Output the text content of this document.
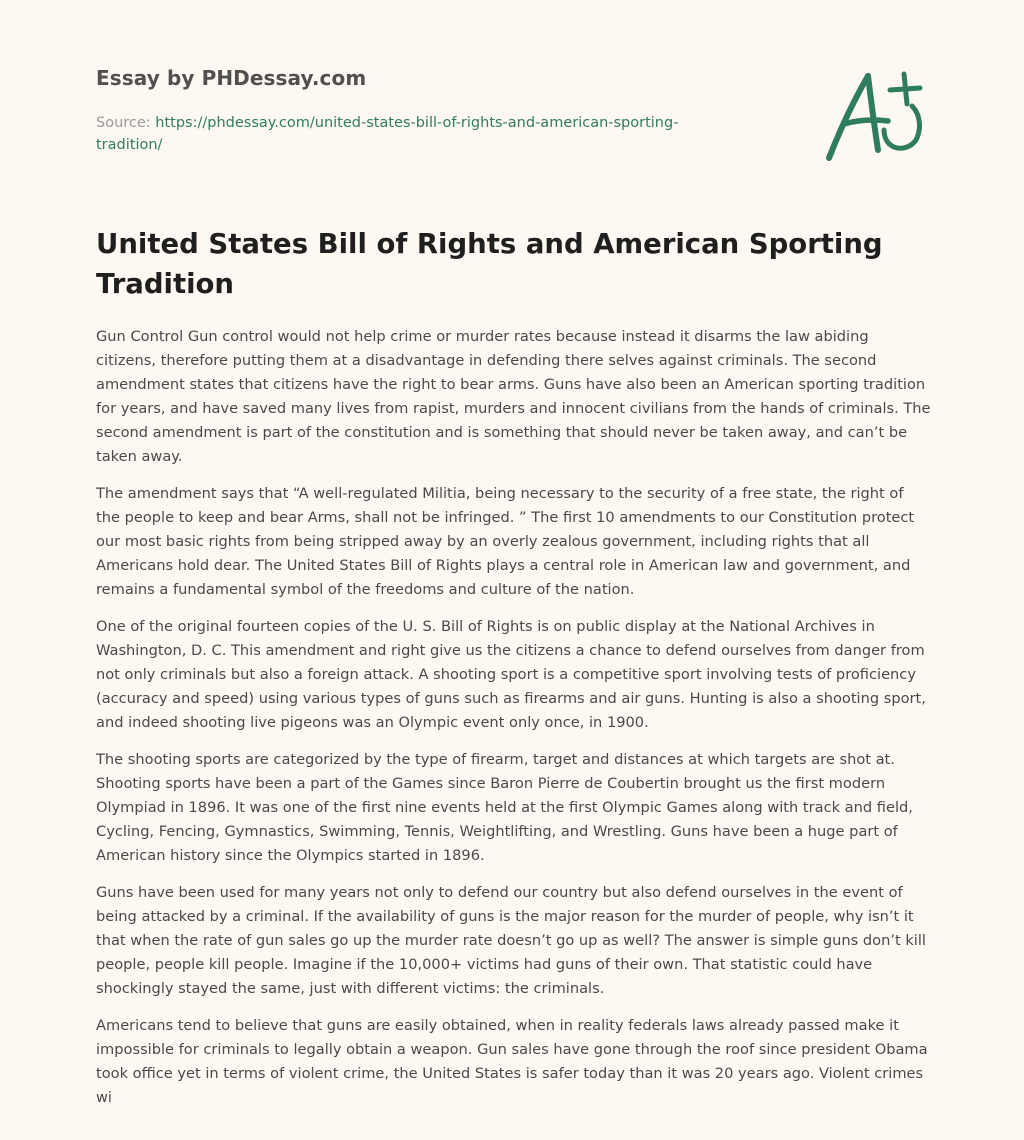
Essay by PHDessay.com
Source: https://phdessay.com/united-states-bill-of-rights-and-american-sporting-tradition/
United States Bill of Rights and American Sporting Tradition

Gun Control Gun control would not help crime or murder rates because instead it disarms the law abiding citizens, therefore putting them at a disadvantage in defending there selves against criminals. The second amendment states that citizens have the right to bear arms. Guns have also been an American sporting tradition for years, and have saved many lives from rapist, murders and innocent civilians from the hands of criminals. The second amendment is part of the constitution and is something that should never be taken away, and can’t be taken away.

The amendment says that “A well-regulated Militia, being necessary to the security of a free state, the right of the people to keep and bear Arms, shall not be infringed. ” The first 10 amendments to our Constitution protect our most basic rights from being stripped away by an overly zealous government, including rights that all Americans hold dear. The United States Bill of Rights plays a central role in American law and government, and remains a fundamental symbol of the freedoms and culture of the nation.

One of the original fourteen copies of the U. S. Bill of Rights is on public display at the National Archives in Washington, D. C. This amendment and right give us the citizens a chance to defend ourselves from danger from not only criminals but also a foreign attack. A shooting sport is a competitive sport involving tests of proficiency (accuracy and speed) using various types of guns such as firearms and air guns. Hunting is also a shooting sport, and indeed shooting live pigeons was an Olympic event only once, in 1900.

The shooting sports are categorized by the type of firearm, target and distances at which targets are shot at. Shooting sports have been a part of the Games since Baron Pierre de Coubertin brought us the first modern Olympiad in 1896. It was one of the first nine events held at the first Olympic Games along with track and field, Cycling, Fencing, Gymnastics, Swimming, Tennis, Weightlifting, and Wrestling. Guns have been a huge part of American history since the Olympics started in 1896.

Guns have been used for many years not only to defend our country but also defend ourselves in the event of being attacked by a criminal. If the availability of guns is the major reason for the murder of people, why isn’t it that when the rate of gun sales go up the murder rate doesn’t go up as well? The answer is simple guns don’t kill people, people kill people. Imagine if the 10,000+ victims had guns of their own. That statistic could have shockingly stayed the same, just with different victims: the criminals.

Americans tend to believe that guns are easily obtained, when in reality federals laws already passed make it impossible for criminals to legally obtain a weapon. Gun sales have gone through the roof since president Obama took office yet in terms of violent crime, the United States is safer today than it was 20 years ago. Violent crimes wi
